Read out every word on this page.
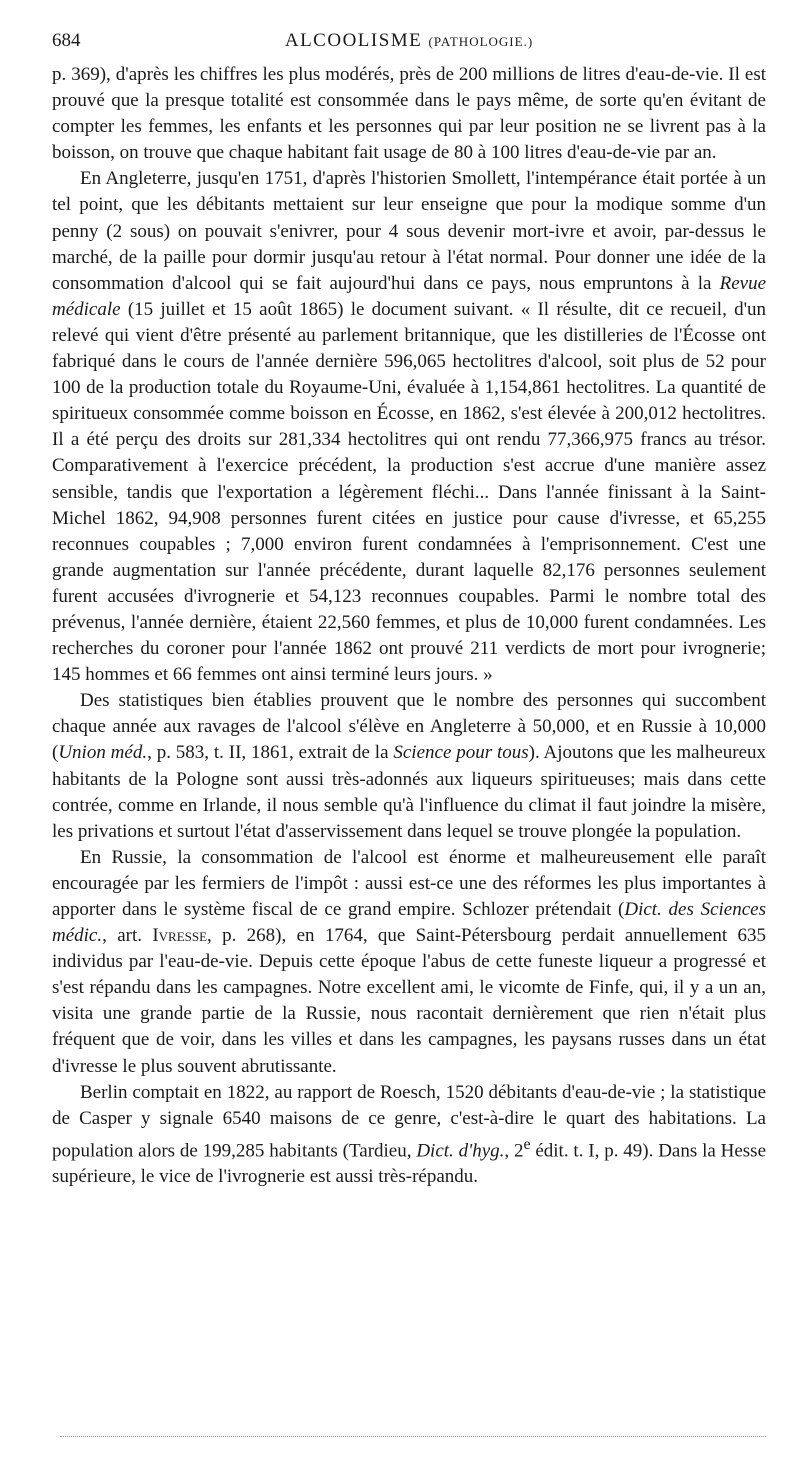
684	ALCOOLISME (PATHOLOGIE.)

p. 369), d'après les chiffres les plus modérés, près de 200 millions de litres d'eau-de-vie. Il est prouvé que la presque totalité est consommée dans le pays même, de sorte qu'en évitant de compter les femmes, les enfants et les personnes qui par leur position ne se livrent pas à la boisson, on trouve que chaque habitant fait usage de 80 à 100 litres d'eau-de-vie par an.

En Angleterre, jusqu'en 1751, d'après l'historien Smollett, l'intempérance était portée à un tel point, que les débitants mettaient sur leur enseigne que pour la modique somme d'un penny (2 sous) on pouvait s'enivrer, pour 4 sous devenir mort-ivre et avoir, par-dessus le marché, de la paille pour dormir jusqu'au retour à l'état normal. Pour donner une idée de la consommation d'alcool qui se fait aujourd'hui dans ce pays, nous empruntons à la Revue médicale (15 juillet et 15 août 1865) le document suivant. « Il résulte, dit ce recueil, d'un relevé qui vient d'être présenté au parlement britannique, que les distilleries de l'Écosse ont fabriqué dans le cours de l'année dernière 596,065 hectolitres d'alcool, soit plus de 52 pour 100 de la production totale du Royaume-Uni, évaluée à 1,154,861 hectolitres. La quantité de spiritueux consommée comme boisson en Écosse, en 1862, s'est élevée à 200,012 hectolitres. Il a été perçu des droits sur 281,334 hectolitres qui ont rendu 77,366,975 francs au trésor. Comparativement à l'exercice précédent, la production s'est accrue d'une manière assez sensible, tandis que l'exportation a légèrement fléchi... Dans l'année finissant à la Saint-Michel 1862, 94,908 personnes furent citées en justice pour cause d'ivresse, et 65,255 reconnues coupables ; 7,000 environ furent condamnées à l'emprisonnement. C'est une grande augmentation sur l'année précédente, durant laquelle 82,176 personnes seulement furent accusées d'ivrognerie et 54,123 reconnues coupables. Parmi le nombre total des prévenus, l'année dernière, étaient 22,560 femmes, et plus de 10,000 furent condamnées. Les recherches du coroner pour l'année 1862 ont prouvé 211 verdicts de mort pour ivrognerie; 145 hommes et 66 femmes ont ainsi terminé leurs jours. »

Des statistiques bien établies prouvent que le nombre des personnes qui succombent chaque année aux ravages de l'alcool s'élève en Angleterre à 50,000, et en Russie à 10,000 (Union méd., p. 583, t. II, 1861, extrait de la Science pour tous). Ajoutons que les malheureux habitants de la Pologne sont aussi très-adonnés aux liqueurs spiritueuses; mais dans cette contrée, comme en Irlande, il nous semble qu'à l'influence du climat il faut joindre la misère, les privations et surtout l'état d'asservissement dans lequel se trouve plongée la population.

En Russie, la consommation de l'alcool est énorme et malheureusement elle paraît encouragée par les fermiers de l'impôt : aussi est-ce une des réformes les plus importantes à apporter dans le système fiscal de ce grand empire. Schlozer prétendait (Dict. des Sciences médic., art. Ivresse, p. 268), en 1764, que Saint-Pétersbourg perdait annuellement 635 individus par l'eau-de-vie. Depuis cette époque l'abus de cette funeste liqueur a progressé et s'est répandu dans les campagnes. Notre excellent ami, le vicomte de Finfe, qui, il y a un an, visita une grande partie de la Russie, nous racontait dernièrement que rien n'était plus fréquent que de voir, dans les villes et dans les campagnes, les paysans russes dans un état d'ivresse le plus souvent abrutissante.

Berlin comptait en 1822, au rapport de Roesch, 1520 débitants d'eau-de-vie ; la statistique de Casper y signale 6540 maisons de ce genre, c'est-à-dire le quart des habitations. La population alors de 199,285 habitants (Tardieu, Dict. d'hyg., 2e édit. t. I, p. 49). Dans la Hesse supérieure, le vice de l'ivrognerie est aussi très-répandu.
